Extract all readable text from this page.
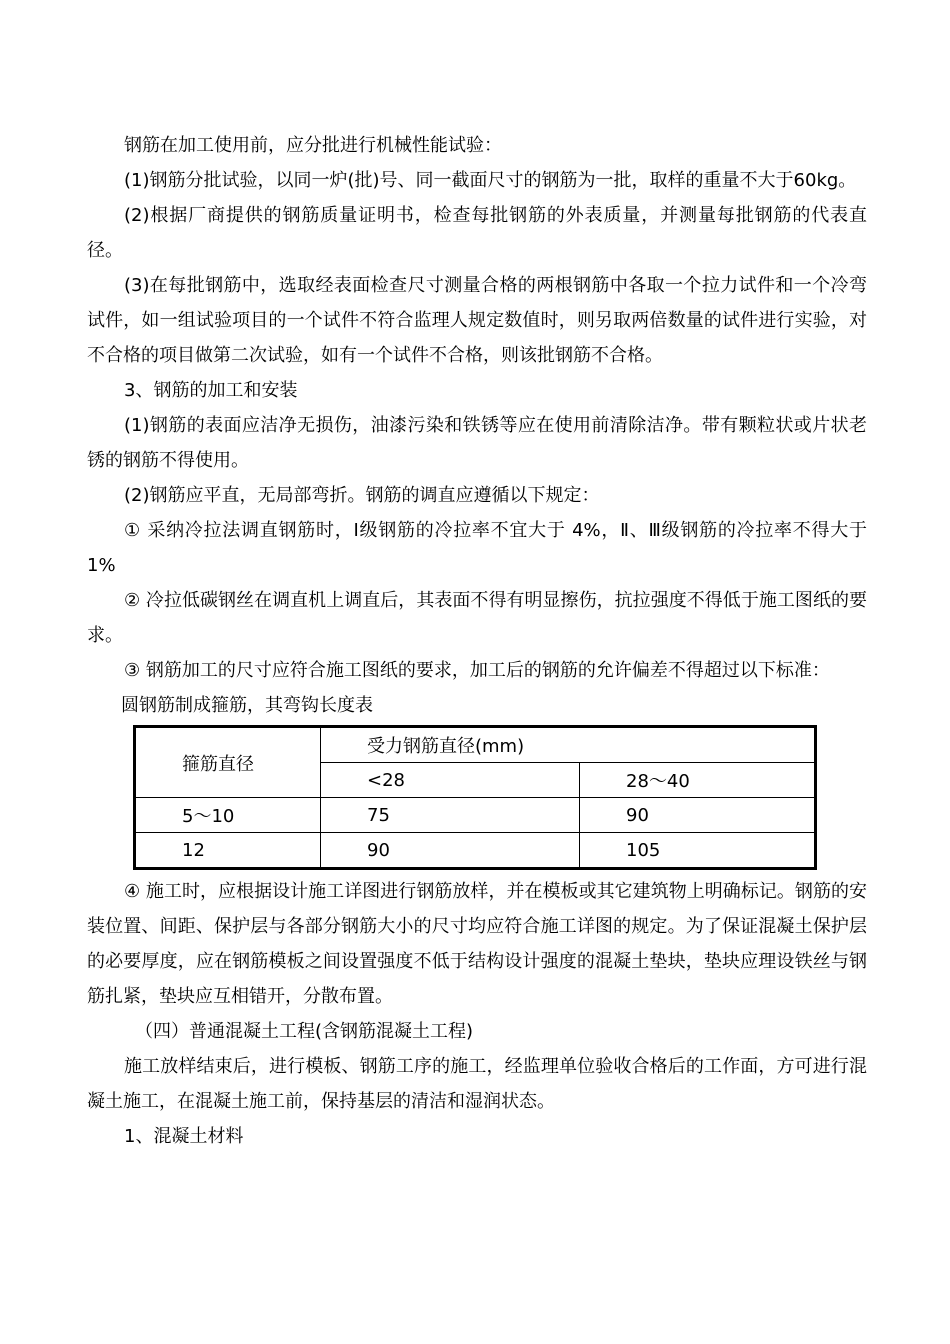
钢筋在加工使用前，应分批进行机械性能试验：

(1)钢筋分批试验，以同一炉(批)号、同一截面尺寸的钢筋为一批，取样的重量不大于60kg。

(2)根据厂商提供的钢筋质量证明书，检查每批钢筋的外表质量，并测量每批钢筋的代表直径。

(3)在每批钢筋中，选取经表面检查尺寸测量合格的两根钢筋中各取一个拉力试件和一个冷弯试件，如一组试验项目的一个试件不符合监理人规定数值时，则另取两倍数量的试件进行实验，对不合格的项目做第二次试验，如有一个试件不合格，则该批钢筋不合格。

3、钢筋的加工和安装

(1)钢筋的表面应洁净无损伤，油漆污染和铁锈等应在使用前清除洁净。带有颗粒状或片状老锈的钢筋不得使用。

(2)钢筋应平直，无局部弯折。钢筋的调直应遵循以下规定：

① 采纳冷拉法调直钢筋时，Ⅰ级钢筋的冷拉率不宜大于 4%，Ⅱ、Ⅲ级钢筋的冷拉率不得大于 1%

② 冷拉低碳钢丝在调直机上调直后，其表面不得有明显擦伤，抗拉强度不得低于施工图纸的要求。

③ 钢筋加工的尺寸应符合施工图纸的要求，加工后的钢筋的允许偏差不得超过以下标准：

圆钢筋制成箍筋，其弯钩长度表

箍筋直径	受力钢筋直径(mm)	
	<28	28～40
5～10	75	90
12	90	105

④ 施工时，应根据设计施工详图进行钢筋放样，并在模板或其它建筑物上明确标记。钢筋的安装位置、间距、保护层与各部分钢筋大小的尺寸均应符合施工详图的规定。为了保证混凝土保护层的必要厚度，应在钢筋模板之间设置强度不低于结构设计强度的混凝土垫块，垫块应理设铁丝与钢筋扎紧，垫块应互相错开，分散布置。

（四）普通混凝土工程(含钢筋混凝土工程)

施工放样结束后，进行模板、钢筋工序的施工，经监理单位验收合格后的工作面，方可进行混凝土施工，在混凝土施工前，保持基层的清洁和湿润状态。

1、混凝土材料
